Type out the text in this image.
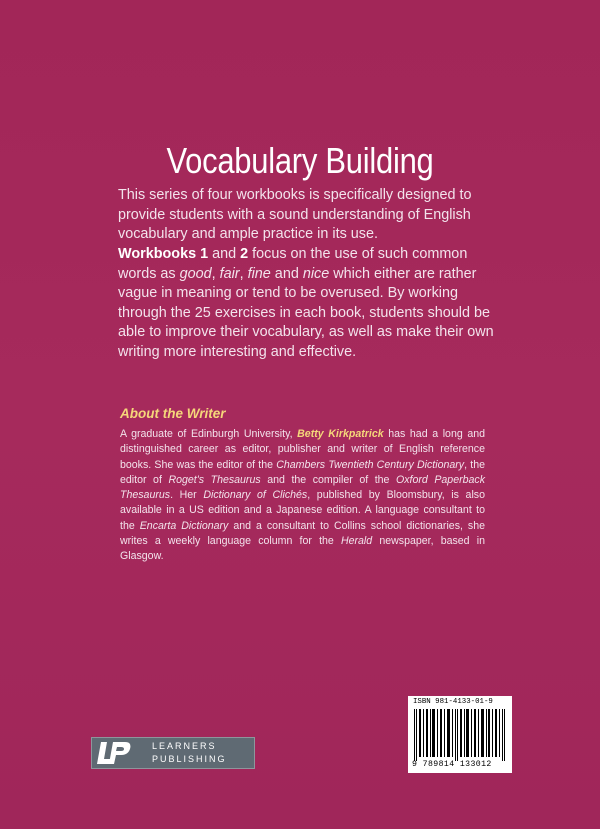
Vocabulary Building

This series of four workbooks is specifically designed to provide students with a sound understanding of English vocabulary and ample practice in its use.

Workbooks 1 and 2 focus on the use of such common words as good, fair, fine and nice which either are rather vague in meaning or tend to be overused. By working through the 25 exercises in each book, students should be able to improve their vocabulary, as well as make their own writing more interesting and effective.

About the Writer

A graduate of Edinburgh University, Betty Kirkpatrick has had a long and distinguished career as editor, publisher and writer of English reference books. She was the editor of the Chambers Twentieth Century Dictionary, the editor of Roget's Thesaurus and the compiler of the Oxford Paperback Thesaurus. Her Dictionary of Clichés, published by Bloomsbury, is also available in a US edition and a Japanese edition. A language consultant to the Encarta Dictionary and a consultant to Collins school dictionaries, she writes a weekly language column for the Herald newspaper, based in Glasgow.

LEARNERS
PUBLISHING
ISBN 981-4133-01-9
9 789814 133012
